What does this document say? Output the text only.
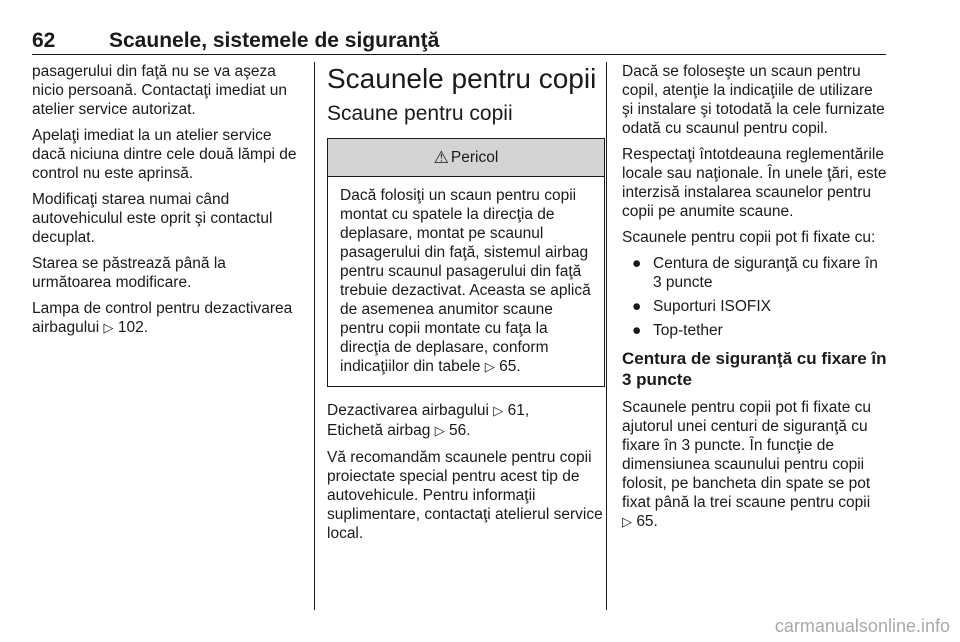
62	Scaunele, sistemele de siguranţă

pasagerului din faţă nu se va aşeza nicio persoană. Contactaţi imediat un atelier service autorizat.

Apelaţi imediat la un atelier service dacă niciuna dintre cele două lămpi de control nu este aprinsă.

Modificaţi starea numai când autovehiculul este oprit şi contactul decuplat.

Starea se păstrează până la următoarea modificare.

Lampa de control pentru dezactivarea airbagului ▷ 102.

Scaunele pentru copii
Scaune pentru copii
⚠ Pericol
Dacă folosiţi un scaun pentru copii montat cu spatele la direcţia de deplasare, montat pe scaunul pasagerului din faţă, sistemul airbag pentru scaunul pasagerului din faţă trebuie dezactivat. Aceasta se aplică de asemenea anumitor scaune pentru copii montate cu faţa la direcţia de deplasare, conform indicaţiilor din tabele ▷ 65.

Dezactivarea airbagului ▷ 61,
Etichetă airbag ▷ 56.

Vă recomandăm scaunele pentru copii proiectate special pentru acest tip de autovehicule. Pentru informaţii suplimentare, contactaţi atelierul service local.

Dacă se foloseşte un scaun pentru copil, atenţie la indicaţiile de utilizare şi instalare şi totodată la cele furnizate odată cu scaunul pentru copil.

Respectaţi întotdeauna reglementările locale sau naţionale. În unele ţări, este interzisă instalarea scaunelor pentru copii pe anumite scaune.

Scaunele pentru copii pot fi fixate cu:

● Centura de siguranţă cu fixare în 3 puncte
● Suporturi ISOFIX
● Top-tether
Centura de siguranţă cu fixare în 3 puncte

Scaunele pentru copii pot fi fixate cu ajutorul unei centuri de siguranţă cu fixare în 3 puncte. În funcţie de dimensiunea scaunului pentru copii folosit, pe bancheta din spate se pot fixat până la trei scaune pentru copii
▷ 65.

carmanualsonline.info
